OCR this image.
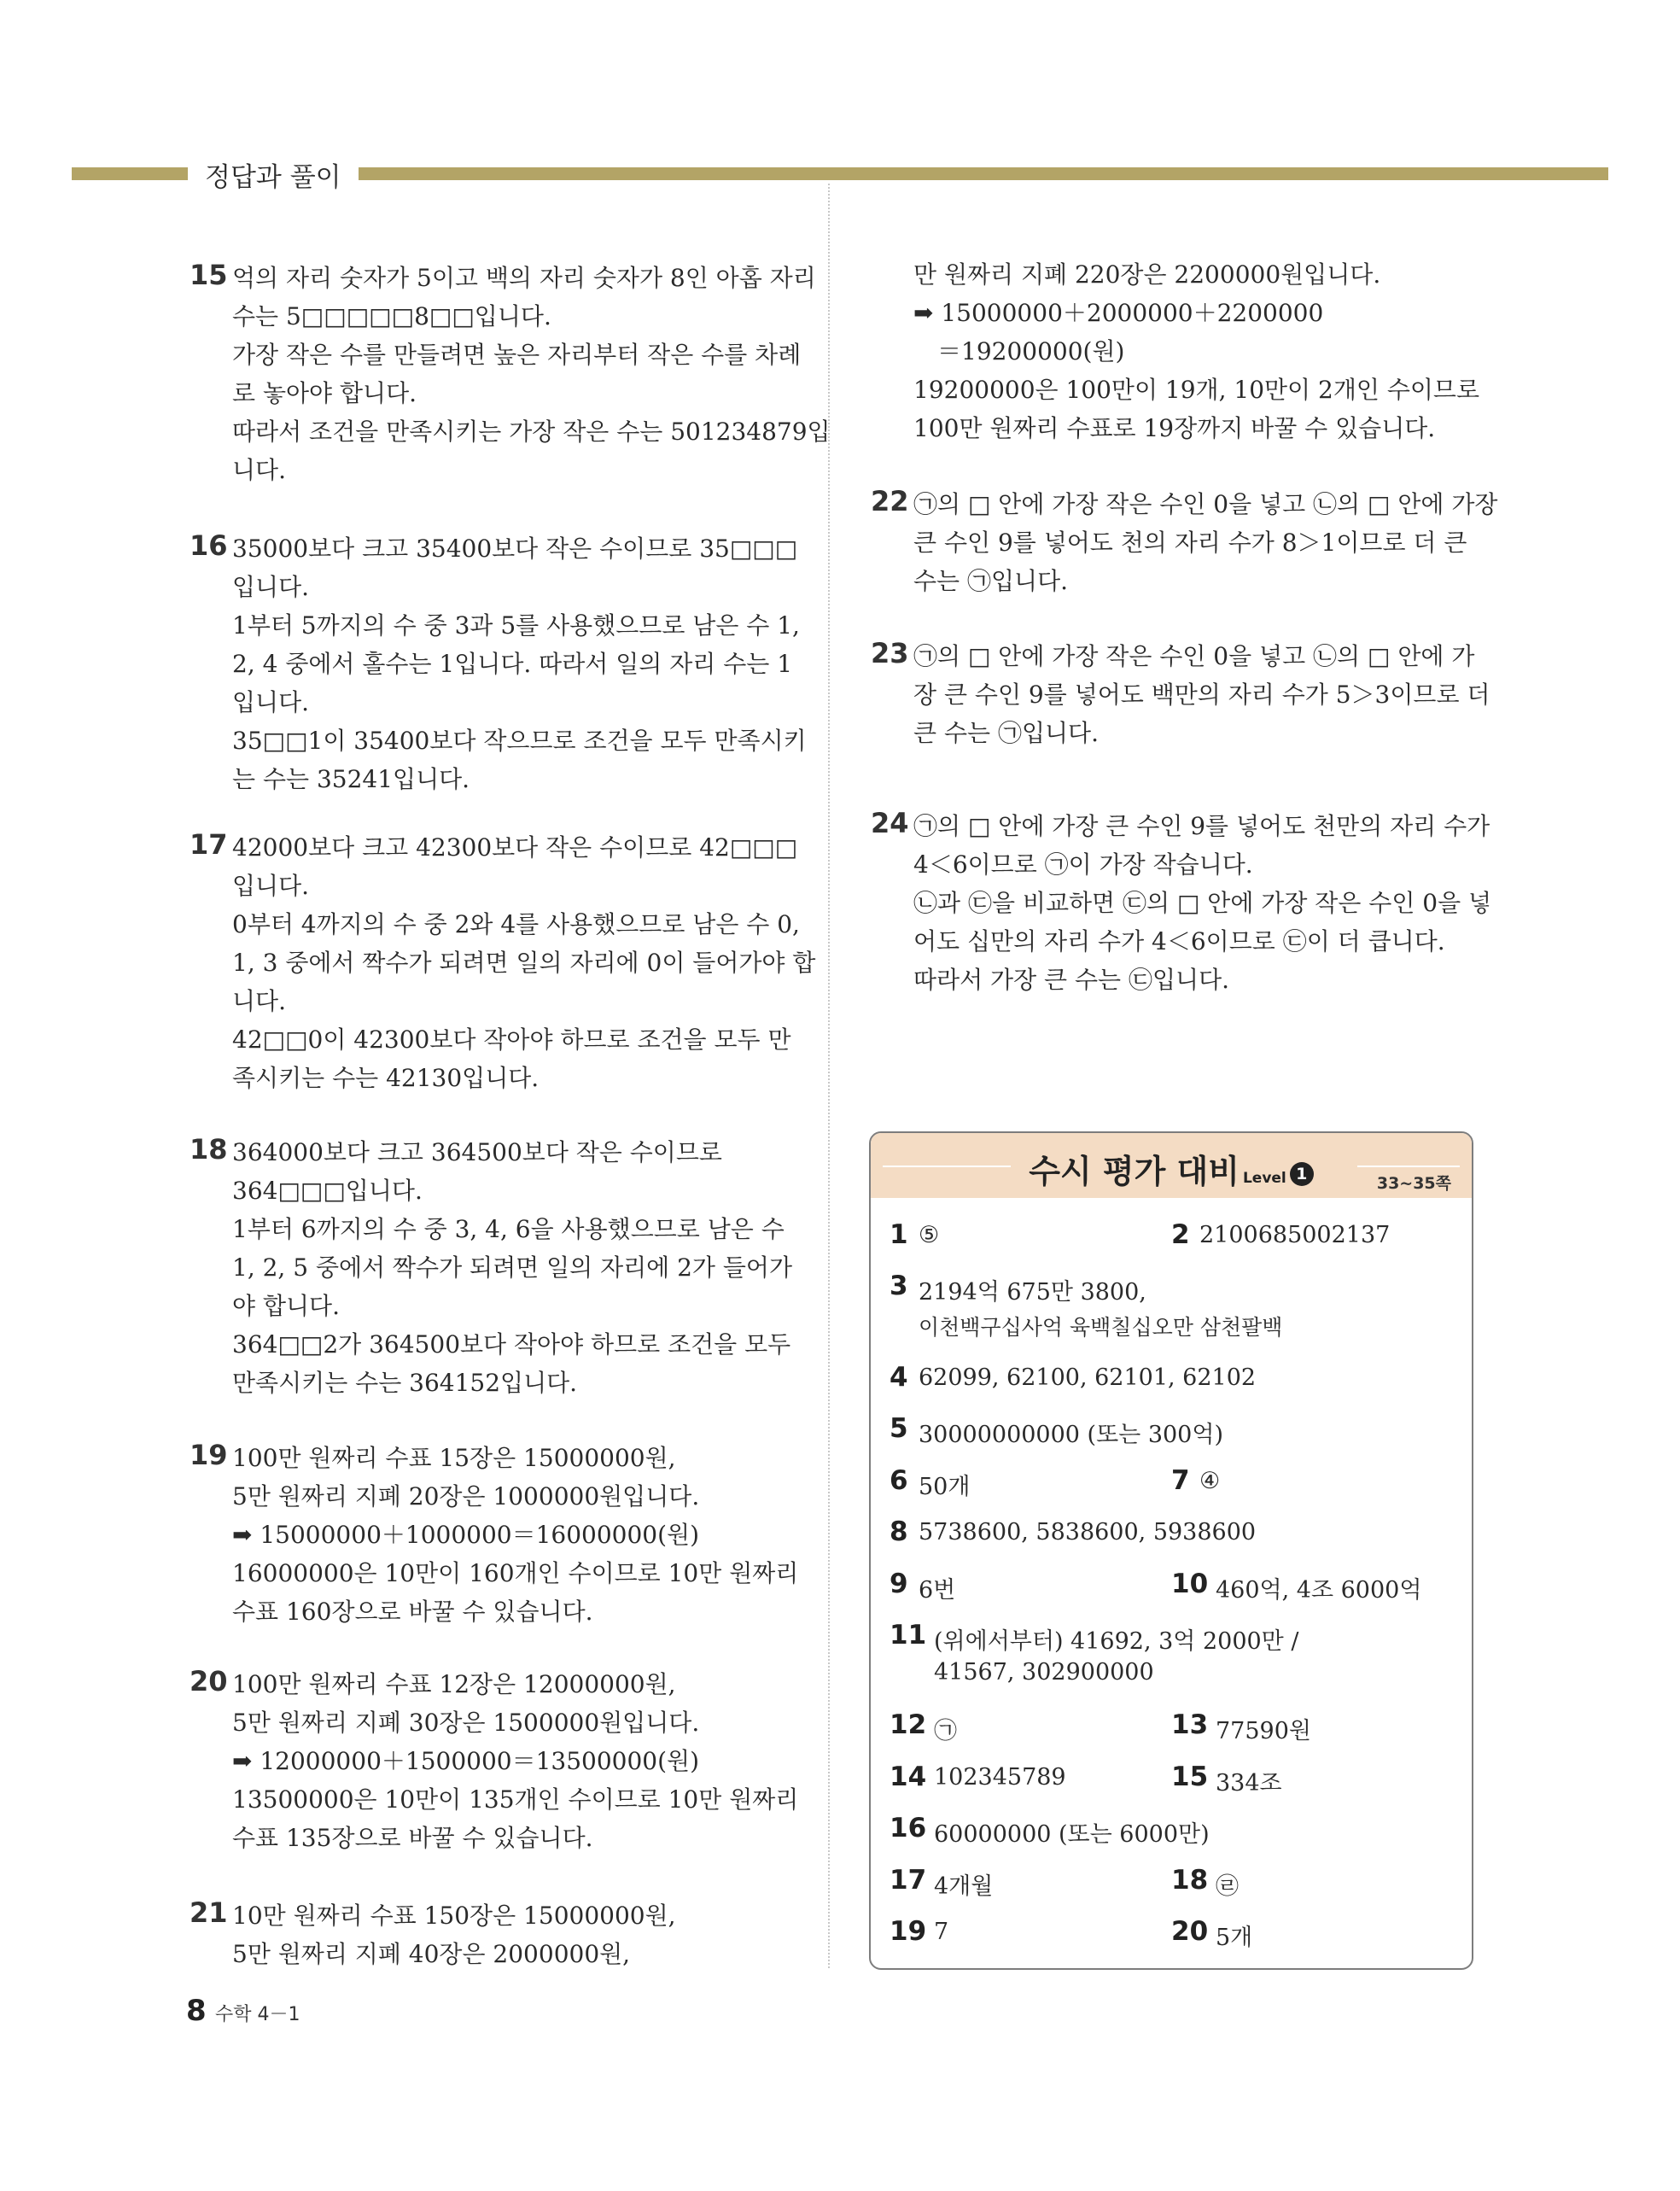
정답과 풀이
15 억의 자리 숫자가 5이고 백의 자리 숫자가 8인 아홉 자리
수는 5□□□□□8□□입니다.
가장 작은 수를 만들려면 높은 자리부터 작은 수를 차례
로 놓아야 합니다.
따라서 조건을 만족시키는 가장 작은 수는 501234879입
니다.
16 35000보다 크고 35400보다 작은 수이므로 35□□□
입니다.
1부터 5까지의 수 중 3과 5를 사용했으므로 남은 수 1,
2, 4 중에서 홀수는 1입니다. 따라서 일의 자리 수는 1
입니다.
35□□1이 35400보다 작으므로 조건을 모두 만족시키
는 수는 35241입니다.
17 42000보다 크고 42300보다 작은 수이므로 42□□□
입니다.
0부터 4까지의 수 중 2와 4를 사용했으므로 남은 수 0,
1, 3 중에서 짝수가 되려면 일의 자리에 0이 들어가야 합
니다.
42□□0이 42300보다 작아야 하므로 조건을 모두 만
족시키는 수는 42130입니다.
18 364000보다 크고 364500보다 작은 수이므로
364□□□입니다.
1부터 6까지의 수 중 3, 4, 6을 사용했으므로 남은 수
1, 2, 5 중에서 짝수가 되려면 일의 자리에 2가 들어가
야 합니다.
364□□2가 364500보다 작아야 하므로 조건을 모두
만족시키는 수는 364152입니다.
19 100만 원짜리 수표 15장은 15000000원,
5만 원짜리 지폐 20장은 1000000원입니다.
➡ 15000000＋1000000＝16000000(원)
16000000은 10만이 160개인 수이므로 10만 원짜리
수표 160장으로 바꿀 수 있습니다.
20 100만 원짜리 수표 12장은 12000000원,
5만 원짜리 지폐 30장은 1500000원입니다.
➡ 12000000＋1500000＝13500000(원)
13500000은 10만이 135개인 수이므로 10만 원짜리
수표 135장으로 바꿀 수 있습니다.
21 10만 원짜리 수표 150장은 15000000원,
5만 원짜리 지폐 40장은 2000000원,
만 원짜리 지폐 220장은 2200000원입니다.
➡ 15000000＋2000000＋2200000
　＝19200000(원)
19200000은 100만이 19개, 10만이 2개인 수이므로
100만 원짜리 수표로 19장까지 바꿀 수 있습니다.
22 ㉠의 □ 안에 가장 작은 수인 0을 넣고 ㉡의 □ 안에 가장
큰 수인 9를 넣어도 천의 자리 수가 8＞1이므로 더 큰
수는 ㉠입니다.
23 ㉠의 □ 안에 가장 작은 수인 0을 넣고 ㉡의 □ 안에 가
장 큰 수인 9를 넣어도 백만의 자리 수가 5＞3이므로 더
큰 수는 ㉠입니다.
24 ㉠의 □ 안에 가장 큰 수인 9를 넣어도 천만의 자리 수가
4＜6이므로 ㉠이 가장 작습니다.
㉡과 ㉢을 비교하면 ㉢의 □ 안에 가장 작은 수인 0을 넣
어도 십만의 자리 수가 4＜6이므로 ㉢이 더 큽니다.
따라서 가장 큰 수는 ㉢입니다.
수시 평가 대비 Level 1
33~35쪽
1 ⑤	2 2100685002137
3 2194억 675만 3800,
이천백구십사억 육백칠십오만 삼천팔백
4 62099, 62100, 62101, 62102
5 30000000000 (또는 300억)
6 50개	7 ④
8 5738600, 5838600, 5938600
9 6번	10 460억, 4조 6000억
11 (위에서부터) 41692, 3억 2000만 /
41567, 302900000
12 ㉠	13 77590원
14 102345789	15 334조
16 60000000 (또는 6000만)
17 4개월	18 ㉣
19 7	20 5개
8 수학 4－1
